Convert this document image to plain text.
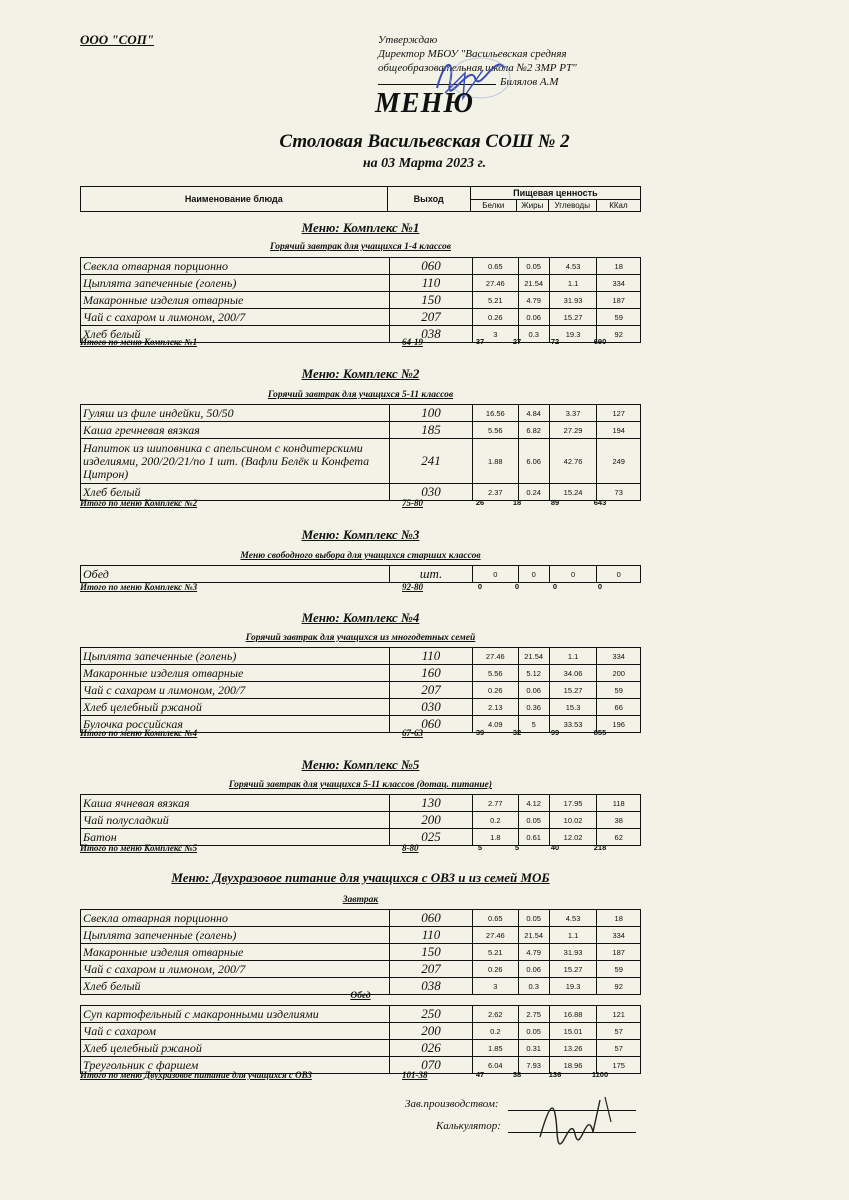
ООО "СОП"	Утверждаю
Директор МБОУ "Васильевская средняя
общеобразовательная школа №2 ЗМР РТ"
Билялов А.М
МЕНЮ
Столовая Васильевская СОШ № 2
на 03 Марта 2023 г.
Наименование блюда	Выход	Пищевая ценность			
		Белки	Жиры	Углеводы	ККал
Меню: Комплекс №1
Горячий завтрак для учащихся 1-4 классов
Свекла отварная порционно	060	0.65	0.05	4.53	18
Цыплята запеченные (голень)	110	27.46	21.54	1.1	334
Макаронные изделия отварные	150	5.21	4.79	31.93	187
Чай с сахаром и лимоном, 200/7	207	0.26	0.06	15.27	59
Хлеб белый	038	3	0.3	19.3	92
Итого по меню Комплекс №1	64-19	37	27	72	690
Меню: Комплекс №2
Горячий завтрак для учащихся 5-11 классов
Гуляш из филе индейки, 50/50	100	16.56	4.84	3.37	127
Каша гречневая вязкая	185	5.56	6.82	27.29	194
Напиток из шиповника с апельсином с кондитерскими изделиями, 200/20/21/по 1 шт. (Вафли Белёк и Конфета Цитрон)	241	1.88	6.06	42.76	249
Хлеб белый	030	2.37	0.24	15.24	73
Итого по меню Комплекс №2	75-80	26	18	89	643
Меню: Комплекс №3
Меню свободного выбора для учащихся старших классов
Обед	шт.	0	0	0	0
Итого по меню Комплекс №3	92-80	0	0	0	0
Меню: Комплекс №4
Горячий завтрак для учащихся из многодетных семей
Цыплята запеченные (голень)	110	27.46	21.54	1.1	334
Макаронные изделия отварные	160	5.56	5.12	34.06	200
Чай с сахаром и лимоном, 200/7	207	0.26	0.06	15.27	59
Хлеб целебный ржаной	030	2.13	0.36	15.3	66
Булочка российская	060	4.09	5	33.53	196
Итого по меню Комплекс №4	67-63	39	32	99	855
Меню: Комплекс №5
Горячий завтрак для учащихся 5-11 классов (дотац. питание)
Каша ячневая вязкая	130	2.77	4.12	17.95	118
Чай полусладкий	200	0.2	0.05	10.02	38
Батон	025	1.8	0.61	12.02	62
Итого по меню Комплекс №5	8-80	5	5	40	218
Меню: Двухразовое питание для учащихся с ОВЗ и из семей МОБ
Завтрак
Свекла отварная порционно	060	0.65	0.05	4.53	18
Цыплята запеченные (голень)	110	27.46	21.54	1.1	334
Макаронные изделия отварные	150	5.21	4.79	31.93	187
Чай с сахаром и лимоном, 200/7	207	0.26	0.06	15.27	59
Хлеб белый	038	3	0.3	19.3	92
Обед
Суп картофельный с макаронными изделиями	250	2.62	2.75	16.88	121
Чай с сахаром	200	0.2	0.05	15.01	57
Хлеб целебный ржаной	026	1.85	0.31	13.26	57
Треугольник с фаршем	070	6.04	7.93	18.96	175
Итого по меню Двухразовое питание для учащихся с ОВЗ	101-38	47	38	136	1100
Зав.производством:
Калькулятор:
